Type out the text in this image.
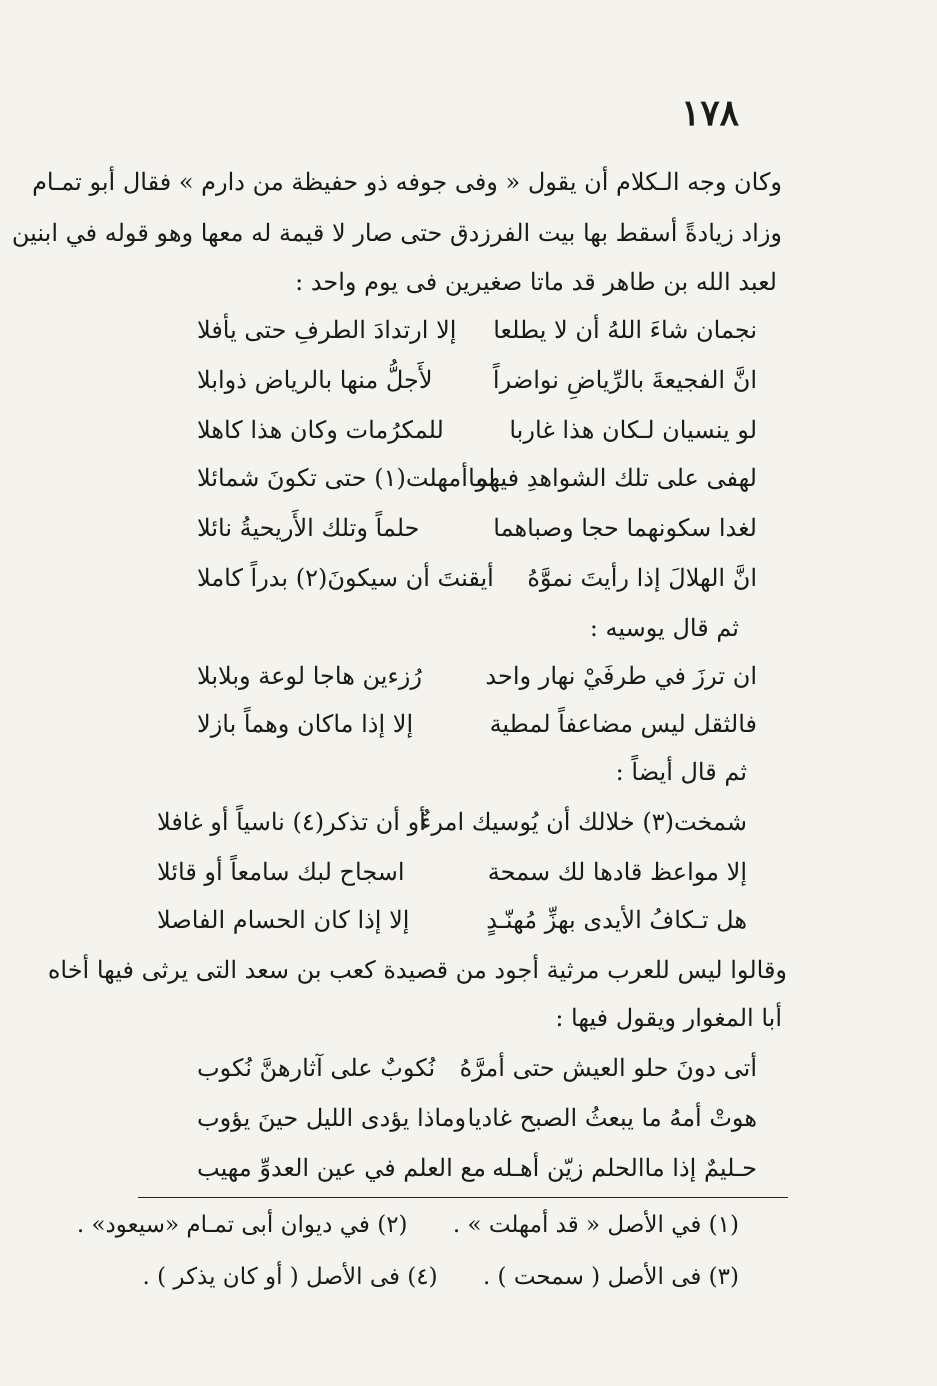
١٧٨
وكان وجه الـكلام أن يقول « وفى جوفه ذو حفيظة من دارم » فقال أبو تمـام
وزاد زيادةً أسقط بها بيت الفرزدق حتى صار لا قيمة له معها وهو قوله في ابنين
لعبد الله بن طاهر قد ماتا صغيرين فى يوم واحد :
نجمان شاءَ اللهُ أن لا يطلعا
إلا ارتدادَ الطرفِ حتى يأفلا
انَّ الفجيعةَ بالرِّياضِ نواضراً
لأَجلُّ منها بالرياض ذوابلا
لو ينسيان لـكان هذا غاربا
للمكرُمات وكان هذا كاهلا
لهفى على تلك الشواهدِ فيهما
لو أمهلت(١) حتى تكونَ شمائلا
لغدا سكونهما حجا وصباهما
حلماً وتلك الأَريحيةُ نائلا
انَّ الهلالَ إذا رأيتَ نموَّهُ
أيقنتَ أن سيكونَ(٢) بدراً كاملا
ثم قال يوسيه :
ان ترزَ في طرفَيْ نهار واحد
رُزءين هاجا لوعة وبلابلا
فالثقل ليس مضاعفاً لمطية
إلا إذا ماكان وهماً بازلا
ثم قال أيضاً :
شمخت(٣) خلالك أن يُوسيك امرءٌ
أو أن تذكر(٤) ناسياً أو غافلا
إلا مواعظ قادها لك سمحة
اسجاح لبك سامعاً أو قائلا
هل تـكافُ الأيدى بهزِّ مُهنّـدٍ
إلا إذا كان الحسام الفاصلا
وقالوا ليس للعرب مرثية أجود من قصيدة كعب بن سعد التى يرثى فيها أخاه
أبا المغوار ويقول فيها :
أتى دونَ حلو العيش حتى أمرَّهُ
نُكوبٌ على آثارهنَّ نُكوب
هوتْ أمهُ ما يبعثُ الصبح غاديا
وماذا يؤدى الليل حينَ يؤوب
حـليمٌ إذا ماالحلم زيّن أهـله
مع العلم في عين العدوِّ مهيب
(١) في الأصل « قد أمهلت » . (٢) في ديوان أبى تمـام «سيعود» .
(٣) فى الأصل ( سمحت ) . (٤) فى الأصل ( أو كان يذكر ) .
